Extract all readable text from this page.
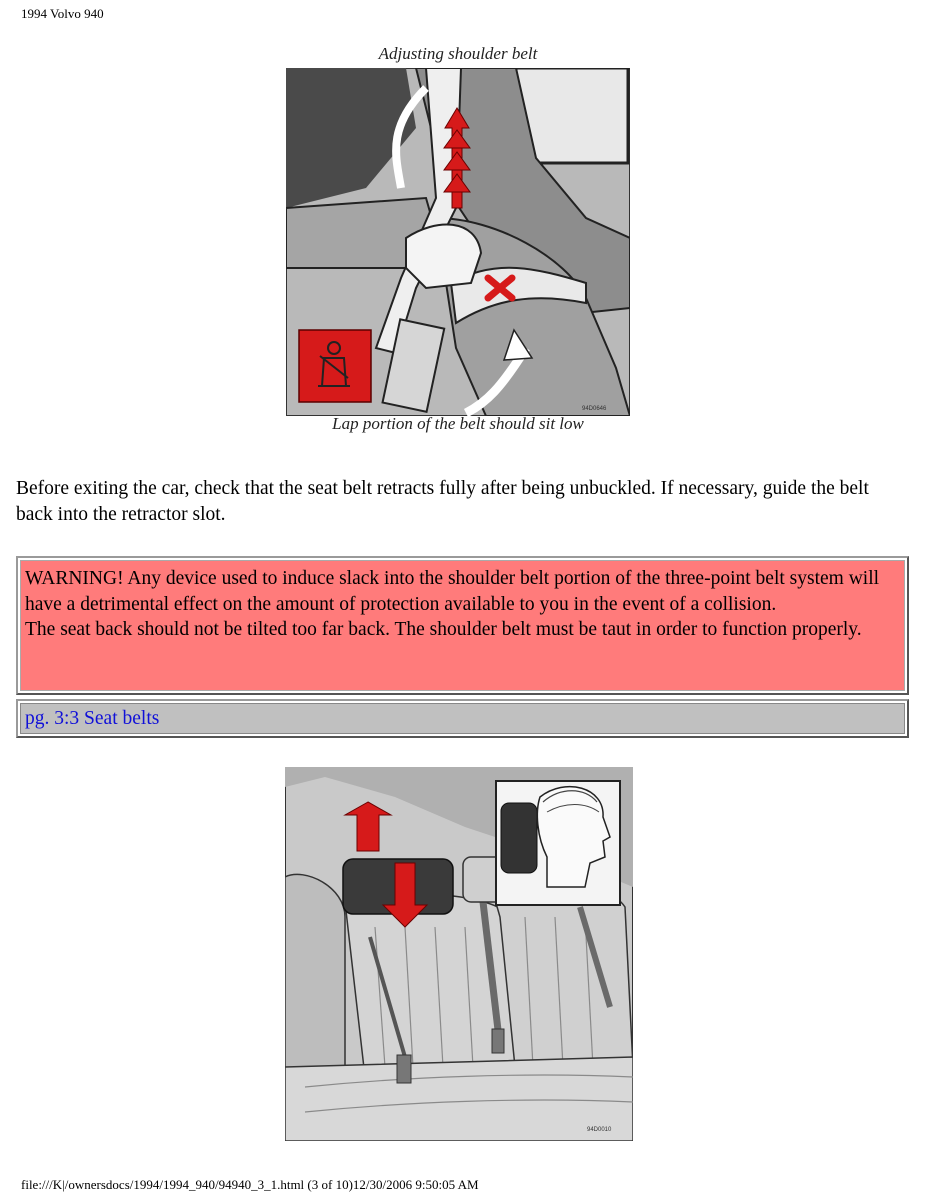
1994 Volvo 940
Adjusting shoulder belt
94D0646
Lap portion of the belt should sit low
Before exiting the car, check that the seat belt retracts fully after being unbuckled. If necessary, guide the belt back into the retractor slot.

WARNING! Any device used to induce slack into the shoulder belt portion of the three-point belt system will have a detrimental effect on the amount of protection available to you in the event of a collision.

The seat back should not be tilted too far back. The shoulder belt must be taut in order to function properly.

pg. 3:3 Seat belts
94D0010
file:///K|/ownersdocs/1994/1994_940/94940_3_1.html (3 of 10)12/30/2006 9:50:05 AM
